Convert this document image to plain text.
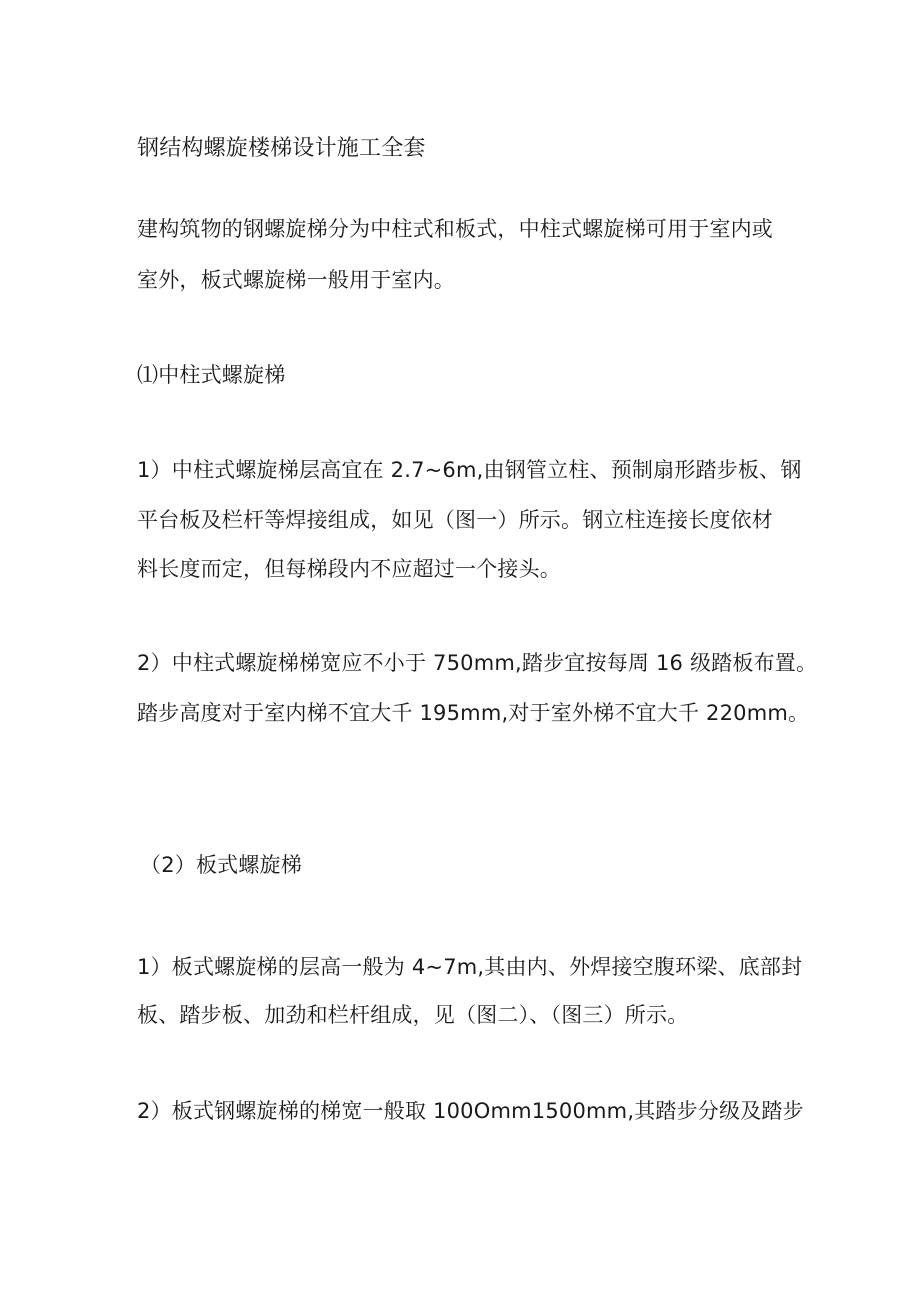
钢结构螺旋楼梯设计施工全套
建构筑物的钢螺旋梯分为中柱式和板式，中柱式螺旋梯可用于室内或
室外，板式螺旋梯一般用于室内。
⑴中柱式螺旋梯
1）中柱式螺旋梯层高宜在 2.7~6m,由钢管立柱、预制扇形踏步板、钢
平台板及栏杆等焊接组成，如见（图一）所示。钢立柱连接长度依材
料长度而定，但每梯段内不应超过一个接头。
2）中柱式螺旋梯梯宽应不小于 750mm,踏步宜按每周 16 级踏板布置。
踏步高度对于室内梯不宜大千 195mm,对于室外梯不宜大千 220mm。
（2）板式螺旋梯
1）板式螺旋梯的层高一般为 4~7m,其由内、外焊接空腹环梁、底部封
板、踏步板、加劲和栏杆组成，见（图二）、（图三）所示。
2）板式钢螺旋梯的梯宽一般取 100Omm1500mm,其踏步分级及踏步
